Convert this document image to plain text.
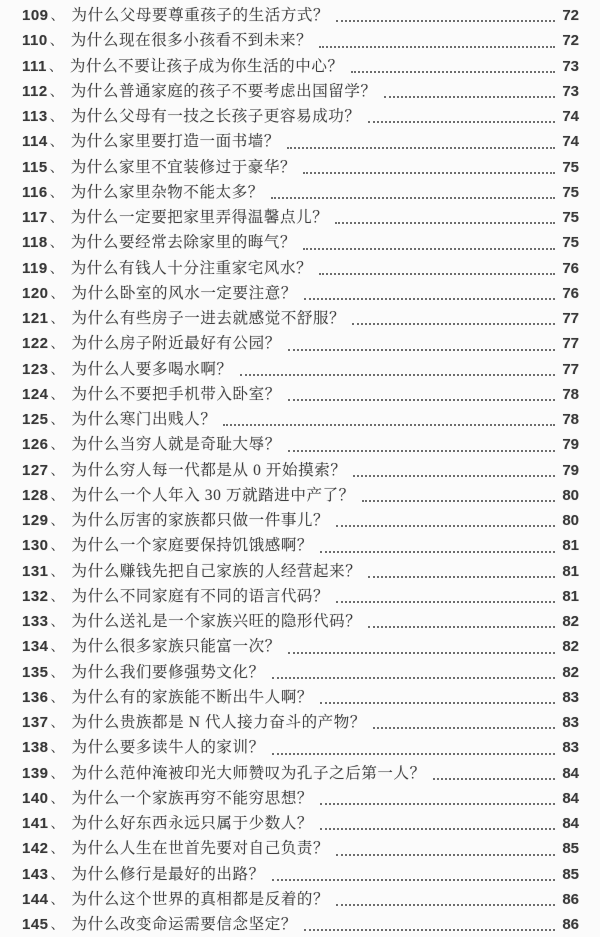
109 、 为什么父母要尊重孩子的生活方式？	72
110 、 为什么现在很多小孩看不到未来？	72
111 、 为什么不要让孩子成为你生活的中心？	73
112 、 为什么普通家庭的孩子不要考虑出国留学？	73
113 、 为什么父母有一技之长孩子更容易成功？	74
114 、 为什么家里要打造一面书墙？	74
115 、 为什么家里不宜装修过于豪华？	75
116 、 为什么家里杂物不能太多？	75
117 、 为什么一定要把家里弄得温馨点儿？	75
118 、 为什么要经常去除家里的晦气？	75
119 、 为什么有钱人十分注重家宅风水？	76
120 、 为什么卧室的风水一定要注意？	76
121 、 为什么有些房子一进去就感觉不舒服？	77
122 、 为什么房子附近最好有公园？	77
123 、 为什么人要多喝水啊？	77
124 、 为什么不要把手机带入卧室？	78
125 、 为什么寒门出贱人？	78
126 、 为什么当穷人就是奇耻大辱？	79
127 、 为什么穷人每一代都是从 0 开始摸索？	79
128 、 为什么一个人年入 30 万就踏进中产了？	80
129 、 为什么厉害的家族都只做一件事儿？	80
130 、 为什么一个家庭要保持饥饿感啊？	81
131 、 为什么赚钱先把自己家族的人经营起来？	81
132 、 为什么不同家庭有不同的语言代码？	81
133 、 为什么送礼是一个家族兴旺的隐形代码？	82
134 、 为什么很多家族只能富一次？	82
135 、 为什么我们要修强势文化？	82
136 、 为什么有的家族能不断出牛人啊？	83
137 、 为什么贵族都是 N 代人接力奋斗的产物？	83
138 、 为什么要多读牛人的家训？	83
139 、 为什么范仲淹被印光大师赞叹为孔子之后第一人？	84
140 、 为什么一个家族再穷不能穷思想？	84
141 、 为什么好东西永远只属于少数人？	84
142 、 为什么人生在世首先要对自己负责？	85
143 、 为什么修行是最好的出路？	85
144 、 为什么这个世界的真相都是反着的？	86
145 、 为什么改变命运需要信念坚定？	86
